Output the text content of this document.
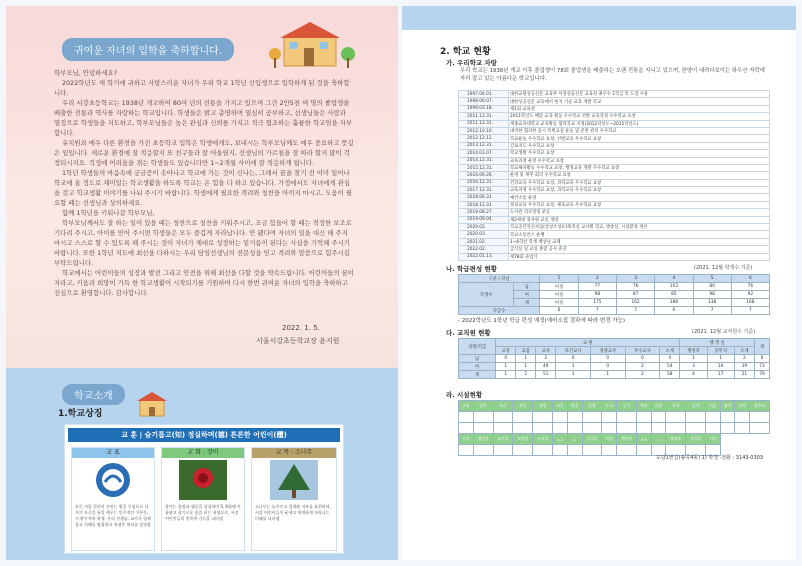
귀여운 자녀의 입학을 축하합니다.

학부모님, 안녕하세요?

2022학년도 새 학기에 귀하고 사랑스러운 자녀가 우리 학교 1학년 신입생으로 입학하게 된 것을 축하합니다.

우리 서강초등학교는 1938년 개교하여 80여 년의 전통을 가지고 있으며 그간 2만5천 여 명의 졸업생을 배출한 전통과 역사를 자랑하는 학교입니다. 학생들은 밝고 총명하며 열심히 공부하고, 선생님들은 사랑과 열정으로 학생들을 지도하고, 학부모님들은 높은 관심과 신뢰를 가지고 적극 협조하는 훌륭한 학교임을 자부합니다.

유치원과 매우 다른 환경을 가진 초등학교 입학은 학생에게도, 보내시는 학부모님께도 매우 중요하고 뜻깊은 일입니다. 새로운 환경에 잘 적응할지 또 친구들과 잘 어울릴지, 선생님의 가르침을 잘 따라 할지 많이 걱정되시지요. 걱정에 어려움을 겪는 학생들도 있습니다만 1~2개월 사이에 잘 적응하게 됩니다.

1학년 학생들의 마음속에 궁금증이 솟아나고 학교에 가는 것이 신나는, 그래서 꿈을 찾기 전 이미 일어나 학교에 올 정도로 재미있는 학교생활을 하도록 학교는 온 힘을 다 하고 있습니다. 가정에서도 자녀에게 관심을 갖고 학교생활 이야기를 나눠 주시기 바랍니다. 학생에게 필요한 격려와 칭찬을 아끼지 마시고, 도움이 필요할 때는 선생님과 상의하세요.

함께 1학년을 키워나갈 학부모님,

학부모님께서도 잘 하는 일이 있을 때는 칭찬으로 칭찬을 키워주시고, 조금 힘들어 할 때는 적정한 보조로 기다려 주시고, 아이를 믿어 주시면 학생들은 모두 즐겁게 자라납니다. 안 됐다며 자녀의 일을 대신 해 주지 마시고 스스로 할 수 있도록 해 주시는 것이 자녀가 제대로 성장하는 밑거름이 된다는 사실을 기억해 주시기 바랍니다. 또한 1학년 지도에 최선을 다하시는 우리 담임선생님의 전문성을 믿고 격려와 말씀으로 힘주시길 부탁드립니다.

학교에서는 어린이들의 성장과 발전 그리고 안전을 위해 최선을 다할 것을 약속드립니다. 어린이들의 꿈이 자라고, 키움과 희망이 가득 한 학교생활이 시작되기를 기원하며 다시 한번 귀여운 자녀의 입학을 축하하고 진심으로 환영합니다. 감사합니다.

2022. 1. 5.
서울서강초등학교장 윤지원
학교소개
1.학교상징
교 훈 | 슬기롭고(知) 정실하며(德) 튼튼한 어린이(體)
교 표
오른 서림 릿지의 중관는 원을 중심으로 나가의 자신을 통일 세우는 민주적인 기본동, 서 황우적학 학생, 우리 선생님, 교사가 힘께 꿈고 지혜를 펼칠하고 학생은 학교를 상징함
교 화 : 장미
장미는 열정과 생동을 상징하며 5, 6월에 아름답고 향기로운 꽃을 피는 학생으로, 서강 어린이들의 친목력 가득을 나타냄
교 목 : 소나무
소나무는 늘푸르고 절개와 지조를 표현하며, 서강 어린이들이 굳세고 씩씩하게 자라나는 미래를 나타냄
2. 학교 현황
가. 우리학교 자랑
우리 학교는 1938년 개교 이후 졸업생이 78회 졸업생을 배출하는 오랜 전통을 지니고 있으며, 한양이 내려다보이는 와우산 자락에 자리 잡고 있는 아름다운 학교입니다.
1997.04.01.	대한교원성공신문 교육부 서강성공신문 교육성 최우수 1학급 특 도장 수용
1998.06.07.	대한성공신문 교육에서 현지 기술 교과 개발 학교
1999.03.18.	제1회 교육청
2011.12.31.	2011학년도 메달 교육 활동 우수학교 선발 교육과정 우수학교 표창
2011.12.31.	세종교육대학교 교육활동 협력학교 지정(2012학년도~2015학년도)
2012.10.10.	내역한 협의한 공시 특별교실 운동 및 분반 관리 우수학교
2012.12.12.	학교운동 우수학교 표창, 선발교육 우수학교 표창
2013.12.31.	진로지도 우수학교 표창
2014.03.07.	학교생활 우수학교 표창
2014.12.31.	교육과정 운영 우수학교 표창
2015.12.31.	학교체육활동 우수학교 표창, 행정교육 개발 우수학교 표창
2016.09.26.	운영 및 재무 회의 우수학교 표창
2016.12.31.	건강교육 우수학교 표창, 과학교육 우수학교 표창
2017.12.31.	교육과정 우수학교 표창, 과학교육 우수학교 표창
2018.06.31.	예건소통 운영
2018.12.31.	정보교육 우수학교 표창, 체육교육 우수학교 표창
2019.08.27.	도서관 리모델링 준공
2019.09.04.	제2세대 경자원 교실 개방
2020.02.	학교공간혁신사업(상상조성)다목적실 교사별 학교, 방송실, 시설환경 개선
2020.03.	학교소통폰스 운행
2021.02.	1~6학년 학생 책상난 교체
2022.02.	급식실 및 교실 종합 공사 준공
2022.01.13.	제78회 졸업식
나. 학급편성 현황	(2021. 12월 학생수 기준)
구분 / 학년		1	2	3	4	5	6
학생수	남	여정	77	76	103	80	76
	여	여정	98	87	85	98	92
	계	여정	175	162	188	138	168
학급수		6	7	7	6	7	7
- 2022학년도 1학년 학급 편성 예정(예비소집 결과에 따라 변경 가능)
다. 교직원 현황	(2021. 12월 교직원수 기준)
성별/직급	교 원							행 정 실			계
	교장	교감	교사	보건교사	영양교사	특수교사	소계	행정직	공무직	소계	
남	0	1	2	0	0	0	4	1	1	2	6
여	1	1	49	1	0	2	54	3	16	19	73
계	1	2	51	1	1	2	58	4	17	21	79
라. 시설현황
교실	일반	특수	보건	행정	교무	방송	강당	도서	급식	체육	돌봄	과학	음악	미술	영어	상담	컴퓨터

지상	행정실	교무실	보건실	도서실	4.2	1	급식실	미술	체육관	3.6	1	방과후	강의실	기타			

도담1번길(송곡4동) 1) 학정 ·전화 : 3143-0303
